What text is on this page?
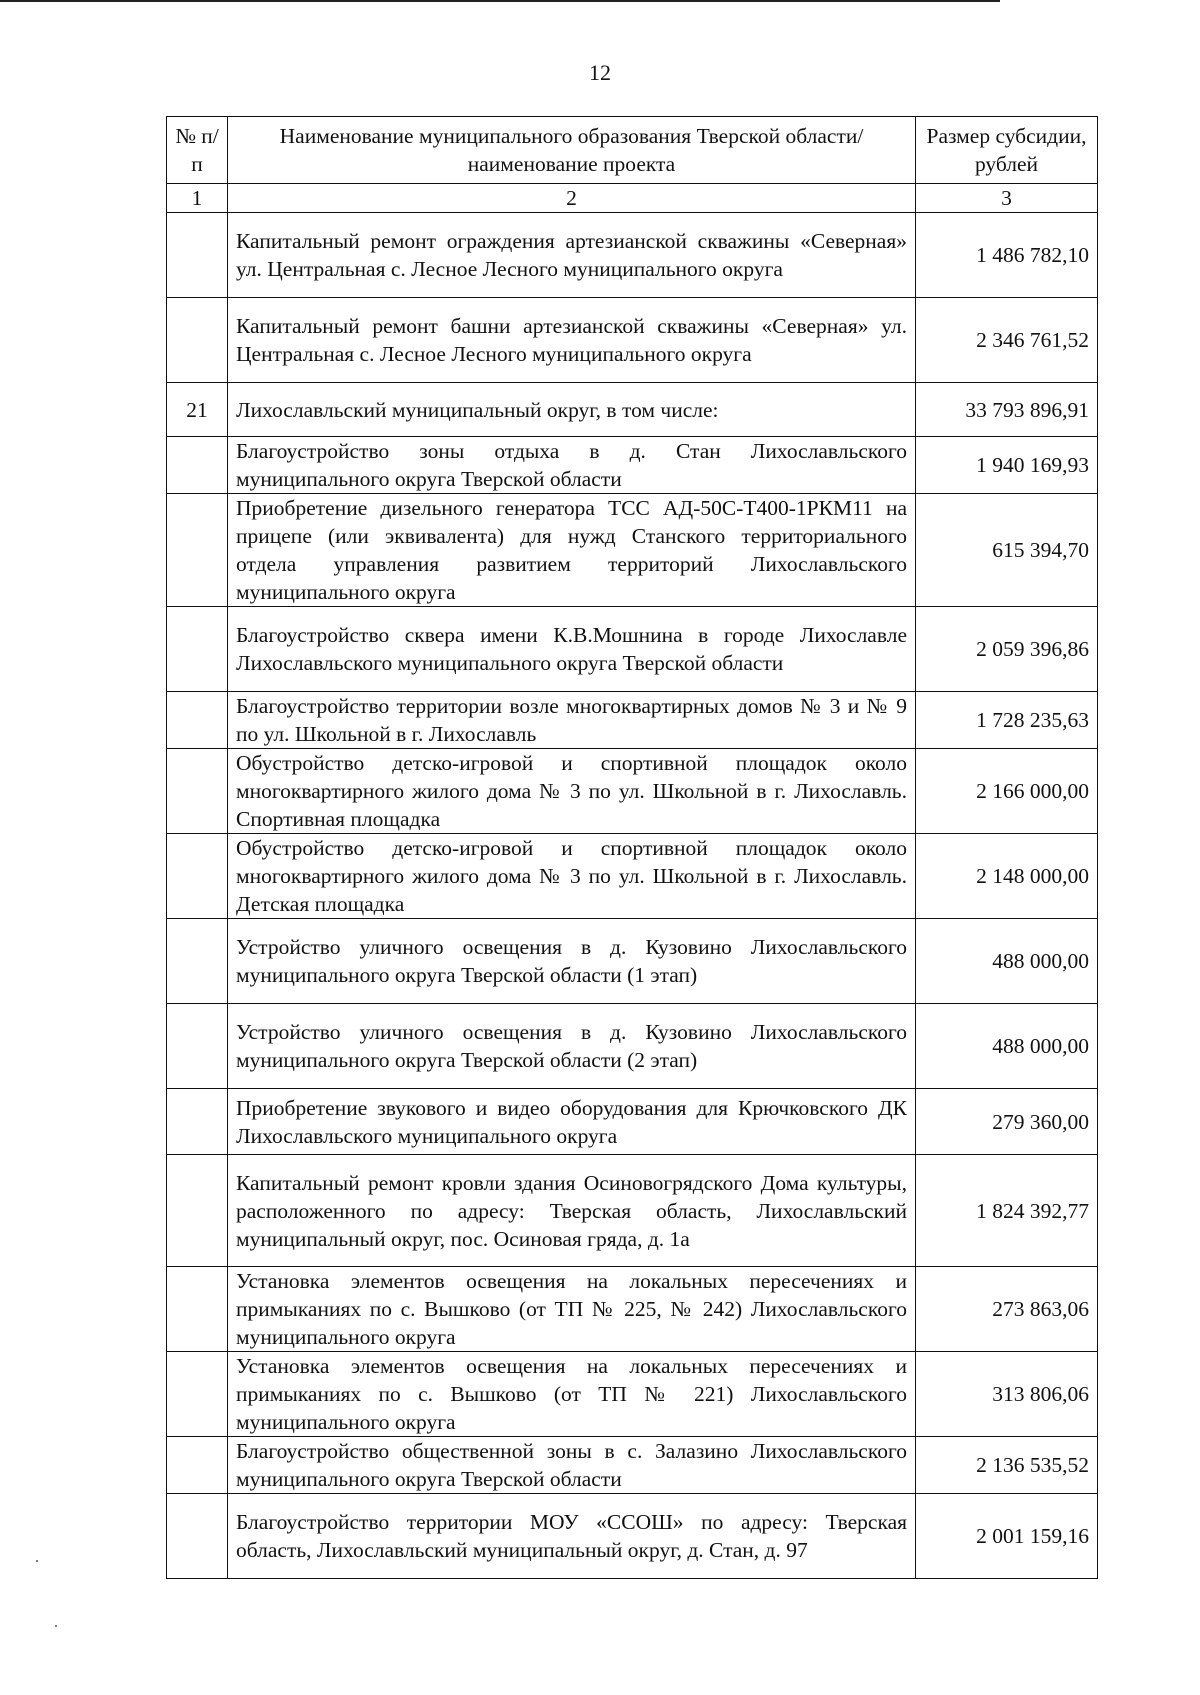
12
№ п/п	Наименование муниципального образования Тверской области/наименование проекта	Размер субсидии, рублей
1	2	3
	Капитальный ремонт ограждения артезианской скважины «Северная» ул. Центральная с. Лесное Лесного муниципального округа	1 486 782,10
	Капитальный ремонт башни артезианской скважины «Северная» ул. Центральная с. Лесное Лесного муниципального округа	2 346 761,52
21	Лихославльский муниципальный округ, в том числе:	33 793 896,91
	Благоустройство зоны отдыха в д. Стан Лихославльского муниципального округа Тверской области	1 940 169,93
	Приобретение дизельного генератора ТСС АД-50С-Т400-1РКМ11 на прицепе (или эквивалента) для нужд Станского территориального отдела управления развитием территорий Лихославльского муниципального округа	615 394,70
	Благоустройство сквера имени К.В.Мошнина в городе Лихославле Лихославльского муниципального округа Тверской области	2 059 396,86
	Благоустройство территории возле многоквартирных домов № 3 и № 9 по ул. Школьной в г. Лихославль	1 728 235,63
	Обустройство детско-игровой и спортивной площадок около многоквартирного жилого дома № 3 по ул. Школьной в г. Лихославль. Спортивная площадка	2 166 000,00
	Обустройство детско-игровой и спортивной площадок около многоквартирного жилого дома № 3 по ул. Школьной в г. Лихославль. Детская площадка	2 148 000,00
	Устройство уличного освещения в д. Кузовино Лихославльского муниципального округа Тверской области (1 этап)	488 000,00
	Устройство уличного освещения в д. Кузовино Лихославльского муниципального округа Тверской области (2 этап)	488 000,00
	Приобретение звукового и видео оборудования для Крючковского ДК Лихославльского муниципального округа	279 360,00
	Капитальный ремонт кровли здания Осиновогрядского Дома культуры, расположенного по адресу: Тверская область, Лихославльский муниципальный округ, пос. Осиновая гряда, д. 1а	1 824 392,77
	Установка элементов освещения на локальных пересечениях и примыканиях по с. Вышково (от ТП № 225, № 242) Лихославльского муниципального округа	273 863,06
	Установка элементов освещения на локальных пересечениях и примыканиях по с. Вышково (от ТП № 221) Лихославльского муниципального округа	313 806,06
	Благоустройство общественной зоны в с. Залазино Лихославльского муниципального округа Тверской области	2 136 535,52
	Благоустройство территории МОУ «ССОШ» по адресу: Тверская область, Лихославльский муниципальный округ, д. Стан, д. 97	2 001 159,16
